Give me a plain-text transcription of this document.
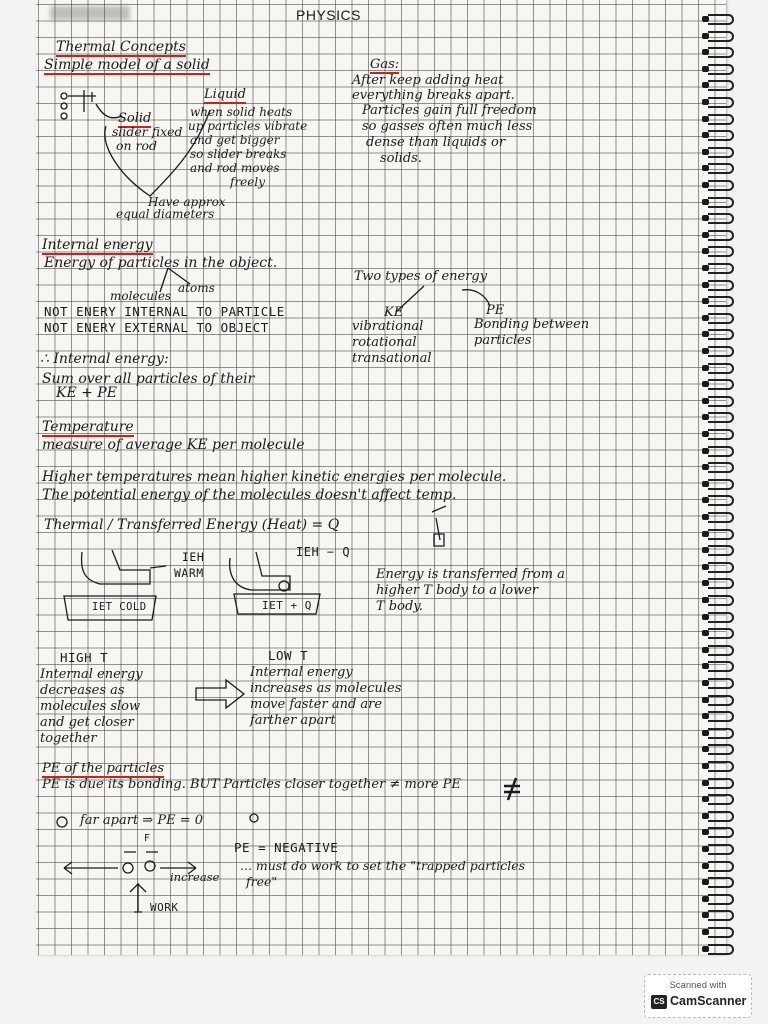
PHYSICS
Thermal Concepts
Simple model of a solid
Solid
slider fixed
on rod
Liquid
when solid heats
up particles vibrate
and get bigger
so slider breaks
and rod moves
freely
Have approx
equal diameters
Gas:
After keep adding heat
everything breaks apart.
Particles gain full freedom
so gasses often much less
dense than liquids or
solids.
Internal energy
Energy of particles in the object.
molecules
atoms
NOT ENERY INTERNAL TO PARTICLE
NOT ENERY EXTERNAL TO OBJECT
∴ Internal energy:
Sum over all particles of their
KE + PE
Two types of energy
KE
vibrational
rotational
transational
PE
Bonding between
particles
Temperature
measure of average KE per molecule
Higher temperatures mean higher kinetic energies per molecule.
The potential energy of the molecules doesn't affect temp.
Thermal / Transferred Energy (Heat) = Q
IEH
WARM
IET COLD
IEH − Q
IET + Q
Energy is transferred from a
higher T body to a lower
T body.
HIGH T
Internal energy
decreases as
molecules slow
and get closer
together
LOW T
Internal energy
increases as molecules
move faster and are
farther apart
PE of the particles
PE is due its bonding. BUT Particles closer together ≠ more PE
far apart ⇒ PE = 0
PE = NEGATIVE
... must do work to set the "trapped particles
free"
F
increase
WORK
Scanned with
CS CamScanner
